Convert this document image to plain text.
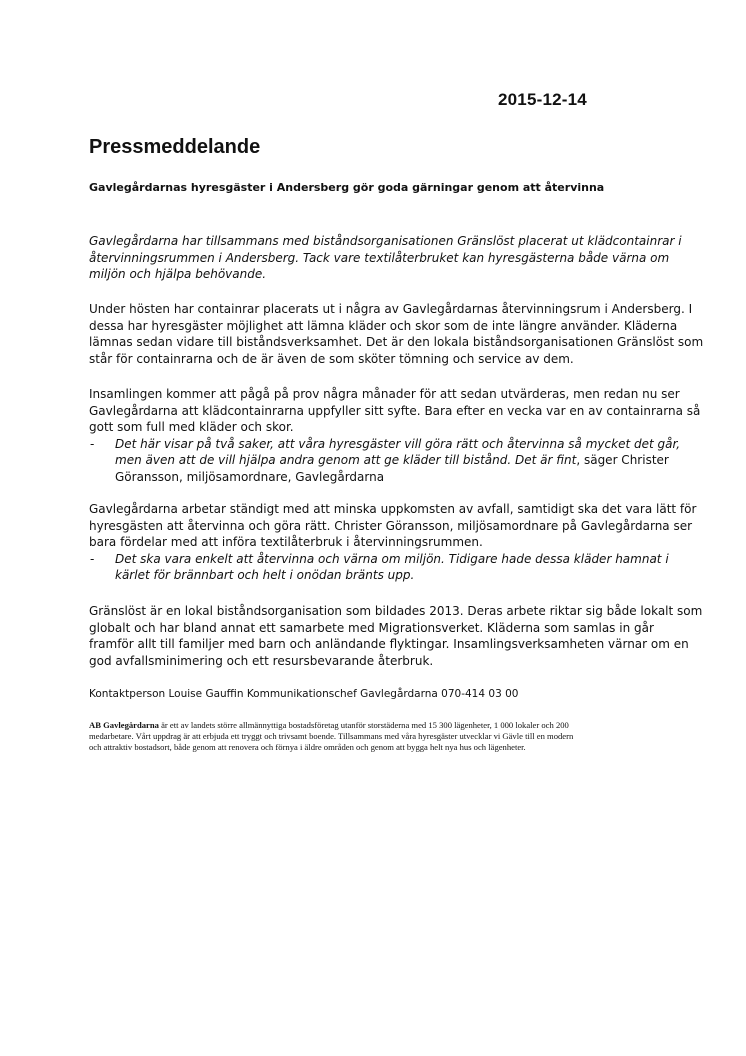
2015-12-14
Pressmeddelande
Gavlegårdarnas hyresgäster i Andersberg gör goda gärningar genom att återvinna
Gavlegårdarna har tillsammans med biståndsorganisationen Gränslöst placerat ut klädcontainrar i
återvinningsrummen i Andersberg. Tack vare textilåterbruket kan hyresgästerna både värna om
miljön och hjälpa behövande.
Under hösten har containrar placerats ut i några av Gavlegårdarnas återvinningsrum i Andersberg. I
dessa har hyresgäster möjlighet att lämna kläder och skor som de inte längre använder. Kläderna
lämnas sedan vidare till biståndsverksamhet. Det är den lokala biståndsorganisationen Gränslöst som
står för containrarna och de är även de som sköter tömning och service av dem.
Insamlingen kommer att pågå på prov några månader för att sedan utvärderas, men redan nu ser
Gavlegårdarna att klädcontainrarna uppfyller sitt syfte. Bara efter en vecka var en av containrarna så
gott som full med kläder och skor.
-	Det här visar på två saker, att våra hyresgäster vill göra rätt och återvinna så mycket det går,
men även att de vill hjälpa andra genom att ge kläder till bistånd. Det är fint, säger Christer
Göransson, miljösamordnare, Gavlegårdarna
Gavlegårdarna arbetar ständigt med att minska uppkomsten av avfall, samtidigt ska det vara lätt för
hyresgästen att återvinna och göra rätt. Christer Göransson, miljösamordnare på Gavlegårdarna ser
bara fördelar med att införa textilåterbruk i återvinningsrummen.
-	Det ska vara enkelt att återvinna och värna om miljön. Tidigare hade dessa kläder hamnat i
kärlet för brännbart och helt i onödan bränts upp.
Gränslöst är en lokal biståndsorganisation som bildades 2013. Deras arbete riktar sig både lokalt som
globalt och har bland annat ett samarbete med Migrationsverket. Kläderna som samlas in går
framför allt till familjer med barn och anländande flyktingar. Insamlingsverksamheten värnar om en
god avfallsminimering och ett resursbevarande återbruk.
Kontaktperson Louise Gauffin Kommunikationschef Gavlegårdarna 070-414 03 00
AB Gavlegårdarna är ett av landets större allmännyttiga bostadsföretag utanför storstäderna med 15 300 lägenheter, 1 000 lokaler och 200
medarbetare. Vårt uppdrag är att erbjuda ett tryggt och trivsamt boende. Tillsammans med våra hyresgäster utvecklar vi Gävle till en modern
och attraktiv bostadsort, både genom att renovera och förnya i äldre områden och genom att bygga helt nya hus och lägenheter.
